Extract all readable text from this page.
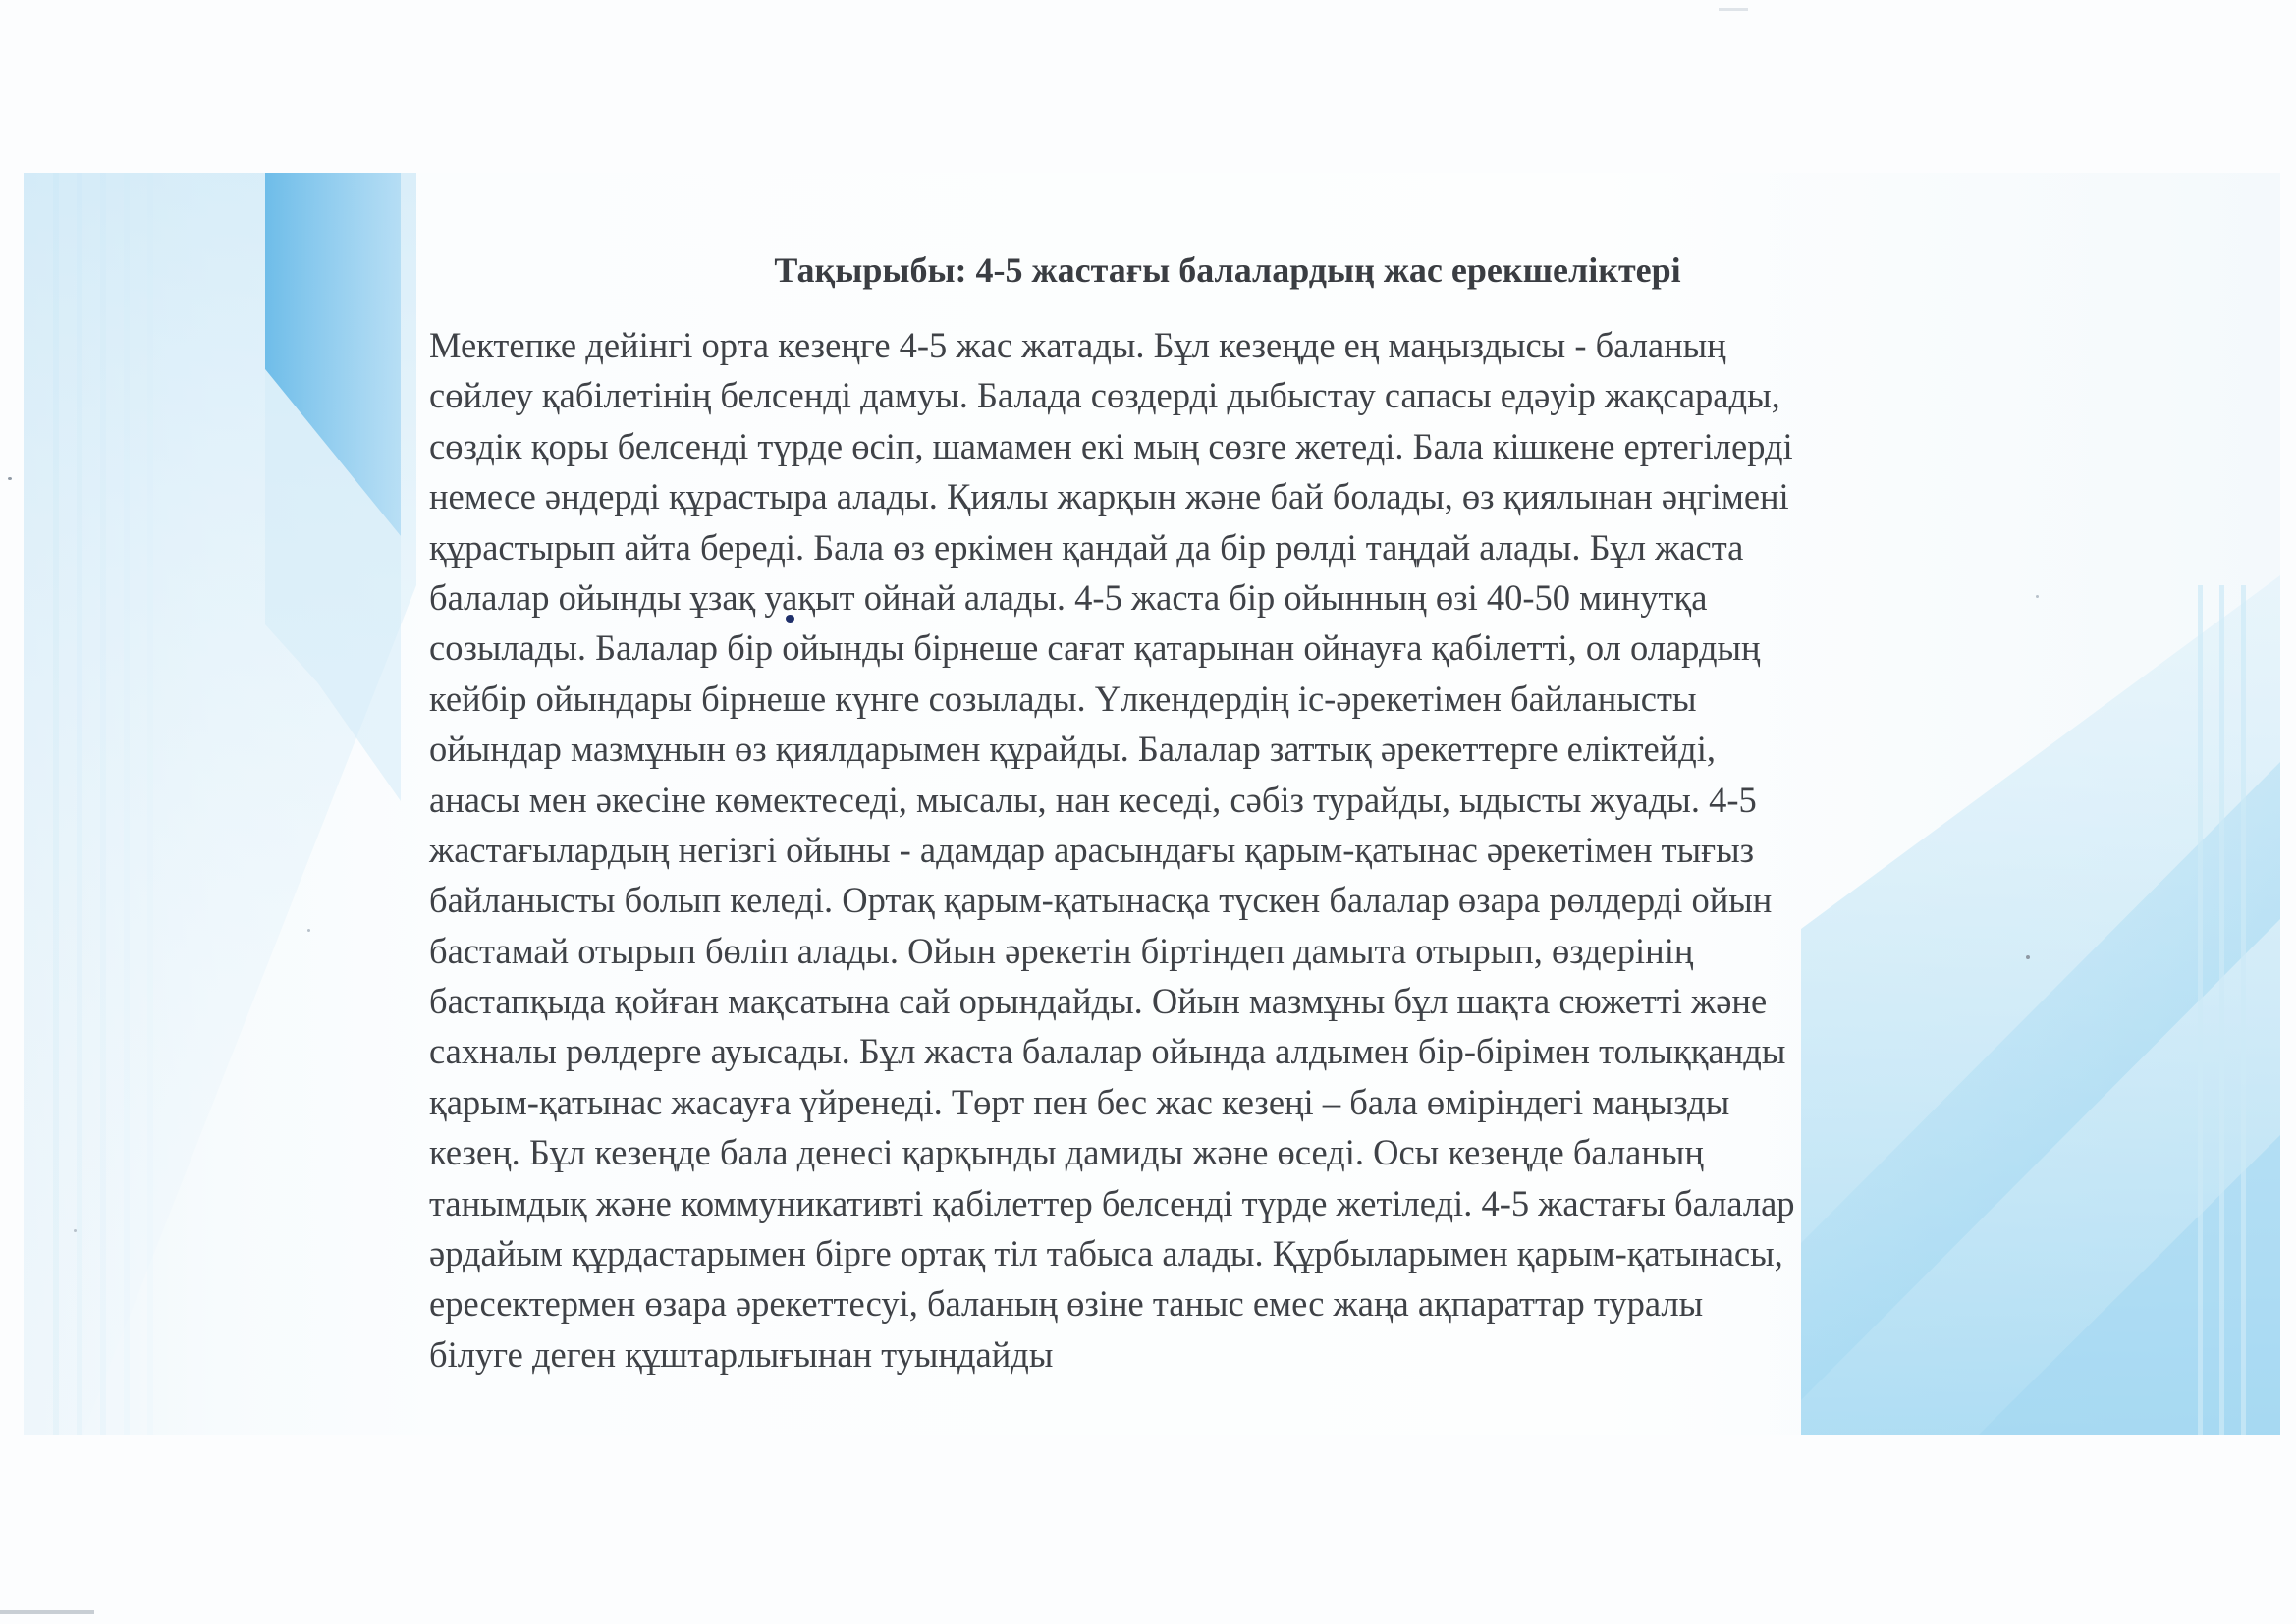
Тақырыбы: 4-5 жастағы балалардың жас ерекшеліктері
Мектепке дейінгі орта кезеңге 4-5 жас жатады. Бұл кезеңде ең маңыздысы - баланың
сөйлеу қабілетінің белсенді дамуы. Балада сөздерді дыбыстау сапасы едәуір жақсарады,
сөздік қоры белсенді түрде өсіп, шамамен екі мың сөзге жетеді. Бала кішкене ертегілерді
немесе әндерді құрастыра алады. Қиялы жарқын және бай болады, өз қиялынан әңгімені
құрастырып айта береді. Бала өз еркімен қандай да бір рөлді таңдай алады. Бұл жаста
балалар ойынды ұзақ уақыт ойнай алады. 4-5 жаста бір ойынның өзі 40-50 минутқа
созылады. Балалар бір ойынды бірнеше сағат қатарынан ойнауға қабілетті, ол олардың
кейбір ойындары бірнеше күнге созылады. Үлкендердің іс-әрекетімен байланысты
ойындар мазмұнын өз қиялдарымен құрайды. Балалар заттық әрекеттерге еліктейді,
анасы мен әкесіне көмектеседі, мысалы, нан кеседі, сәбіз турайды, ыдысты жуады. 4-5
жастағылардың негізгі ойыны - адамдар арасындағы қарым-қатынас әрекетімен тығыз
байланысты болып келеді. Ортақ қарым-қатынасқа түскен балалар өзара рөлдерді ойын
бастамай отырып бөліп алады. Ойын әрекетін біртіндеп дамыта отырып, өздерінің
бастапқыда қойған мақсатына сай орындайды. Ойын мазмұны бұл шақта сюжетті және
сахналы рөлдерге ауысады. Бұл жаста балалар ойында алдымен бір-бірімен толыққанды
қарым-қатынас жасауға үйренеді. Төрт пен бес жас кезеңі – бала өміріндегі маңызды
кезең. Бұл кезеңде бала денесі қарқынды дамиды және өседі. Осы кезеңде баланың
танымдық және коммуникативті қабілеттер белсенді түрде жетіледі. 4-5 жастағы балалар
әрдайым құрдастарымен бірге ортақ тіл табыса алады. Құрбыларымен қарым-қатынасы,
ересектермен өзара әрекеттесуі, баланың өзіне таныс емес жаңа ақпараттар туралы
білуге деген құштарлығынан туындайды
